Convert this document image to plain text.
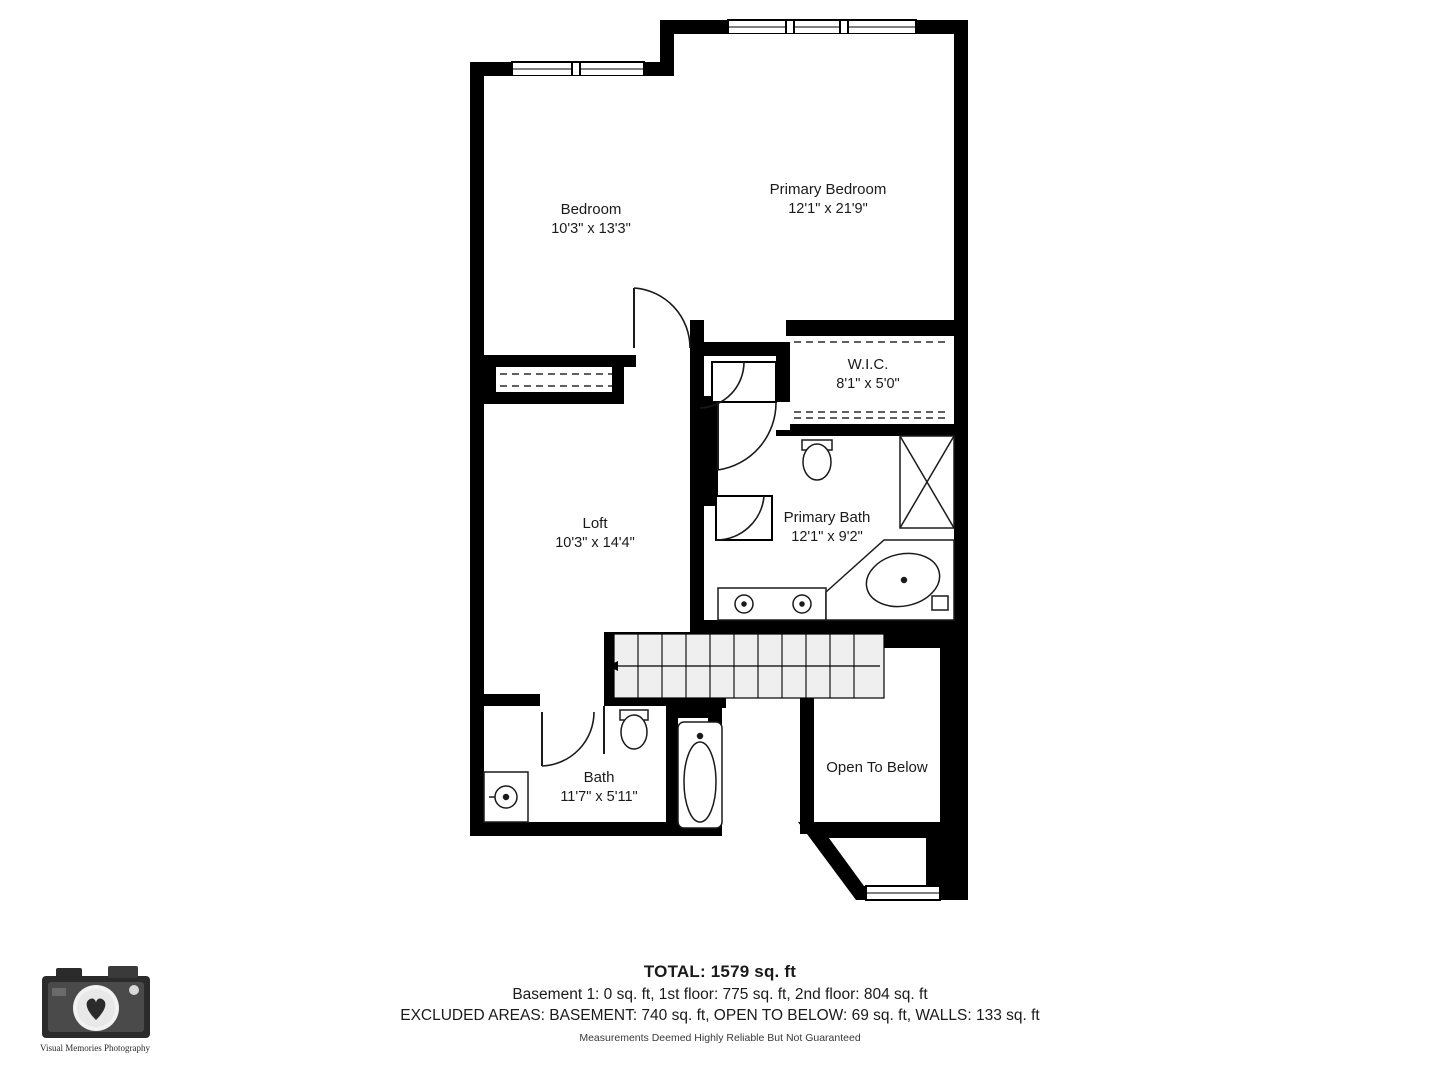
Bedroom
10'3" x 13'3"
Primary Bedroom
12'1" x 21'9"
W.I.C.
8'1" x 5'0"
Loft
10'3" x 14'4"
Primary Bath
12'1" x 9'2"
Bath
11'7" x 5'11"
Open To Below
Visual Memories Photography
TOTAL: 1579 sq. ft
Basement 1: 0 sq. ft, 1st floor: 775 sq. ft, 2nd floor: 804 sq. ft
EXCLUDED AREAS: BASEMENT: 740 sq. ft, OPEN TO BELOW: 69 sq. ft, WALLS: 133 sq. ft
Measurements Deemed Highly Reliable But Not Guaranteed
